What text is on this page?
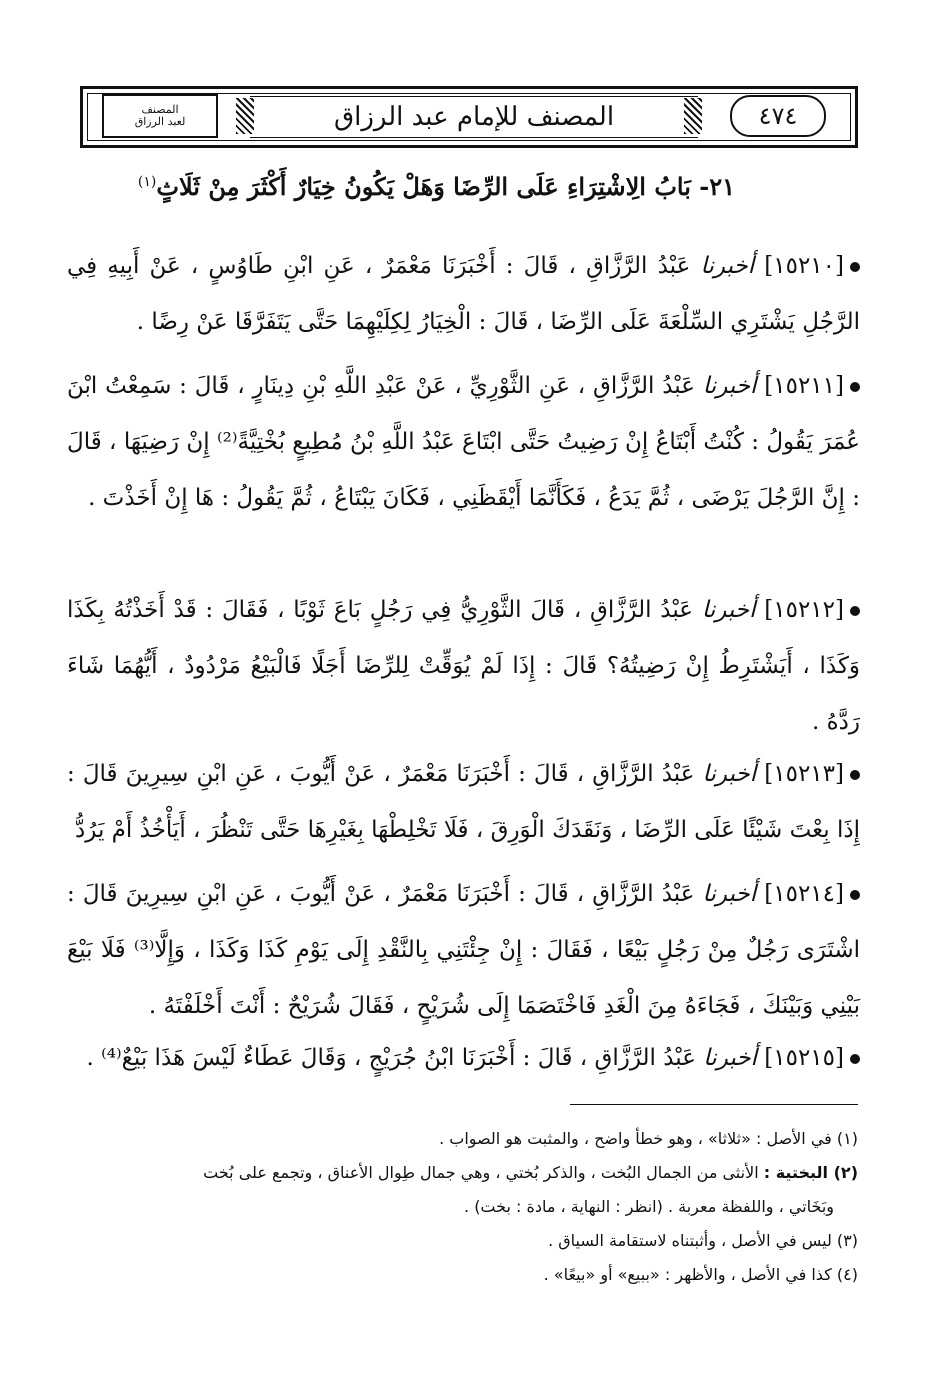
٤٧٤
المصنف للإمام عبد الرزاق
المصنف
لعبد الرزاق
٢١- بَابُ الِاشْتِرَاءِ عَلَى الرِّضَا وَهَلْ يَكُونُ خِيَارٌ أَكْثَرَ مِنْ ثَلَاثٍ$^{(١)}$
[١٥٢١٠] أخبرنا عَبْدُ الرَّزَّاقِ ، قَالَ : أَخْبَرَنَا مَعْمَرٌ ، عَنِ ابْنِ طَاوُسٍ ، عَنْ أَبِيهِ فِي الرَّجُلِ يَشْتَرِي السِّلْعَةَ عَلَى الرِّضَا ، قَالَ : الْخِيَارُ لِكِلَيْهِمَا حَتَّى يَتَفَرَّقَا عَنْ رِضًا .
[١٥٢١١] أخبرنا عَبْدُ الرَّزَّاقِ ، عَنِ الثَّوْرِيِّ ، عَنْ عَبْدِ اللَّهِ بْنِ دِينَارٍ ، قَالَ : سَمِعْتُ ابْنَ عُمَرَ يَقُولُ : كُنْتُ أَبْتَاعُ إِنْ رَضِيتُ حَتَّى ابْتَاعَ عَبْدُ اللَّهِ بْنُ مُطِيعٍ بُخْتِيَّةً⁽²⁾ إِنْ رَضِيَهَا ، قَالَ : إِنَّ الرَّجُلَ يَرْضَى ، ثُمَّ يَدَعُ ، فَكَأَنَّمَا أَيْقَظَنِي ، فَكَانَ يَبْتَاعُ ، ثُمَّ يَقُولُ : هَا إِنْ أَخَذْتَ .
[١٥٢١٢] أخبرنا عَبْدُ الرَّزَّاقِ ، قَالَ الثَّوْرِيُّ فِي رَجُلٍ بَاعَ ثَوْبًا ، فَقَالَ : قَدْ أَخَذْتُهُ بِكَذَا وَكَذَا ، أَيَشْتَرِطُ إِنْ رَضِيتُهُ؟ قَالَ : إِذَا لَمْ يُوَقِّتْ لِلرِّضَا أَجَلًا فَالْبَيْعُ مَرْدُودٌ ، أَيُّهُمَا شَاءَ رَدَّهُ .
[١٥٢١٣] أخبرنا عَبْدُ الرَّزَّاقِ ، قَالَ : أَخْبَرَنَا مَعْمَرٌ ، عَنْ أَيُّوبَ ، عَنِ ابْنِ سِيرِينَ قَالَ : إِذَا بِعْتَ شَيْئًا عَلَى الرِّضَا ، وَنَقَدَكَ الْوَرِقَ ، فَلَا تَخْلِطْهَا بِغَيْرِهَا حَتَّى تَنْظُرَ ، أَيَأْخُذُ أَمْ يَرُدُّ
[١٥٢١٤] أخبرنا عَبْدُ الرَّزَّاقِ ، قَالَ : أَخْبَرَنَا مَعْمَرٌ ، عَنْ أَيُّوبَ ، عَنِ ابْنِ سِيرِينَ قَالَ : اشْتَرَى رَجُلٌ مِنْ رَجُلٍ بَيْعًا ، فَقَالَ : إِنْ جِئْتَنِي بِالنَّقْدِ إِلَى يَوْمِ كَذَا وَكَذَا ، وَإِلَّا⁽³⁾ فَلَا بَيْعَ بَيْنِي وَبَيْنَكَ ، فَجَاءَهُ مِنَ الْغَدِ فَاخْتَصَمَا إِلَى شُرَيْحٍ ، فَقَالَ شُرَيْحٌ : أَنْتَ أَخْلَفْتَهُ .
[١٥٢١٥] أخبرنا عَبْدُ الرَّزَّاقِ ، قَالَ : أَخْبَرَنَا ابْنُ جُرَيْجٍ ، وَقَالَ عَطَاءٌ لَيْسَ هَذَا بَيْعٌ⁽⁴⁾ .

(١) في الأصل : «ثلاثا» ، وهو خطأ واضح ، والمثبت هو الصواب .

(٢) البختية : الأنثى من الجمال البُخت ، والذكر بُختي ، وهي جمال طِوال الأعناق ، وتجمع على بُخت

وبَخَاتي ، واللفظة معربة . (انظر : النهاية ، مادة : بخت) .

(٣) ليس في الأصل ، وأثبتناه لاستقامة السياق .

(٤) كذا في الأصل ، والأظهر : «ببيع» أو «بيعًا» .
